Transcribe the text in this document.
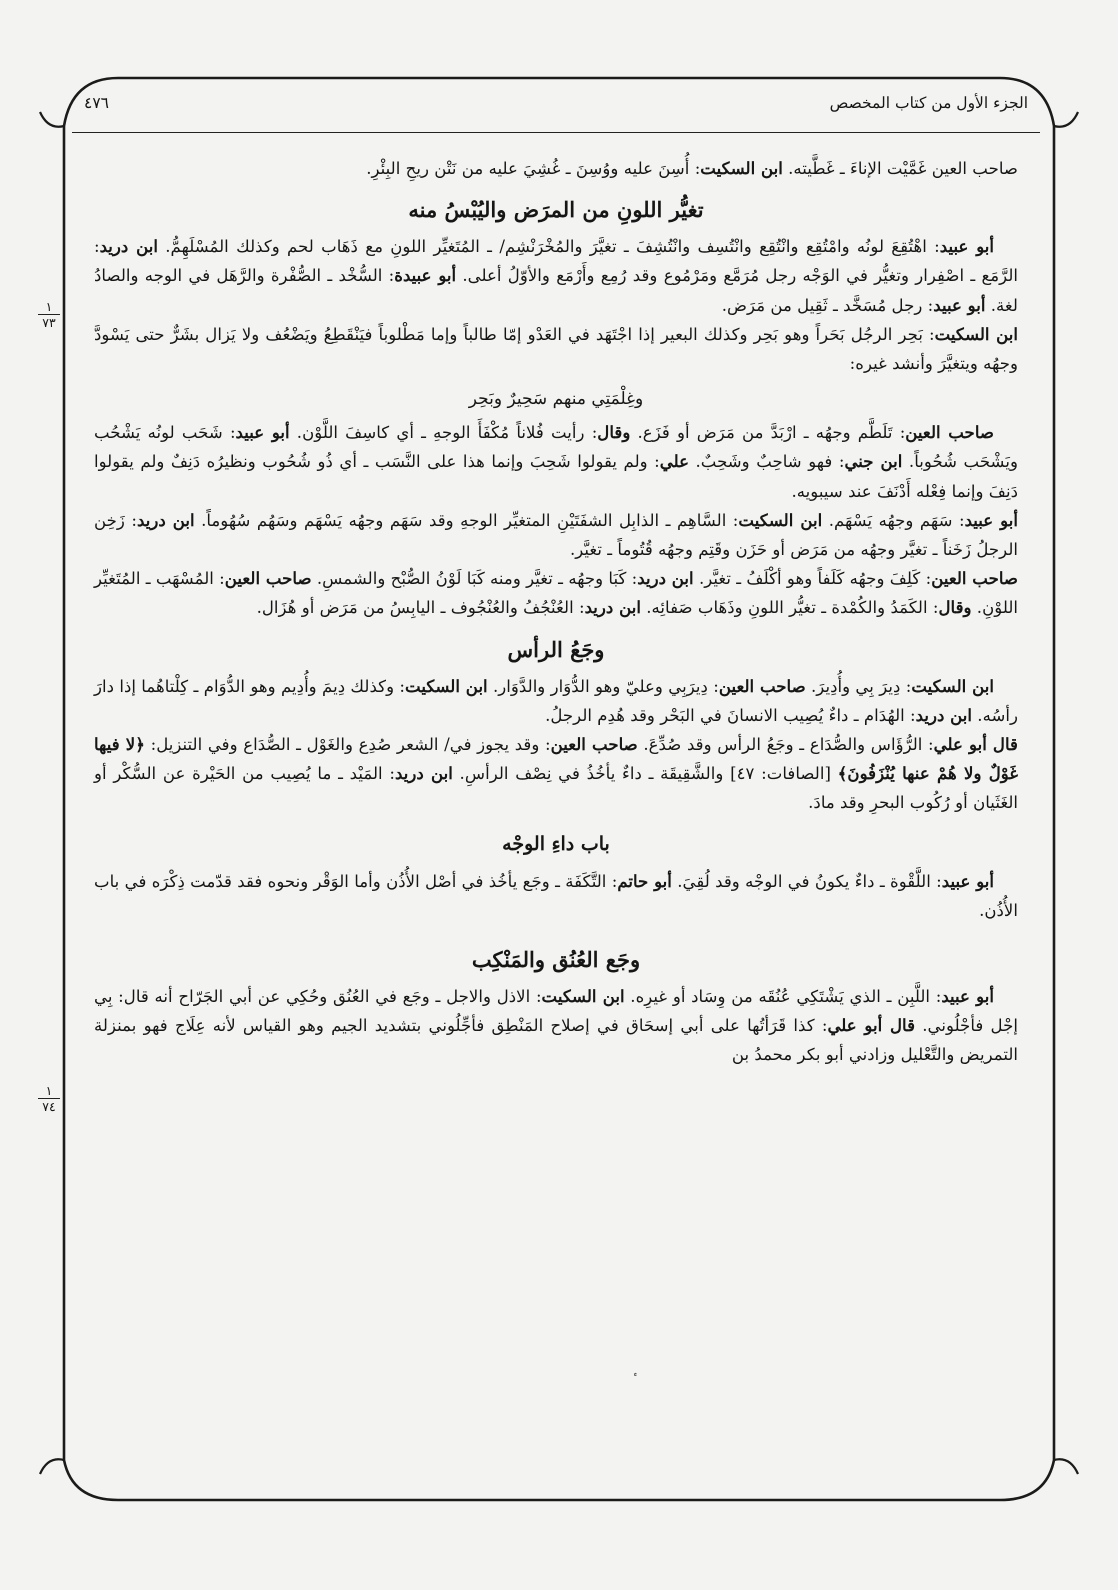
الجزء الأول من كتاب المخصص
٤٧٦
١
٧٣
١
٧٤

صاحب العين غَمَّيْت الإناءَ ـ غَطَّيته. ابن السكيت: أُسِنَ عليه ووُسِنَ ـ غُشِيَ عليه من نَتْن ريحِ البِئْرِ.

تغيُّر اللونِ من المرَض واليُبْسُ منه

أبو عبيد: اهْتُقِعَ لونُه وامْتُقِع وانْتُقِع وانْتُسِف وانْتُشِفَ ـ تغيَّرَ والمُخْرَنْشِم/ ـ المُتَغيِّر اللونِ مع ذَهَاب لحم وكذلك المُسْلَهِمُّ. ابن دريد: الرَّمَع ـ اصْفِرار وتغيُّر في الوَجْه رجل مُرَمَّع ومَرْمُوع وقد رُمِع وأَرْمَع والأوّلُ أعلى. أبو عبيدة: السُّخْد ـ الصُّفْرة والرَّهَل في الوجه والصادُ لغة. أبو عبيد: رجل مُسَخَّد ـ ثَقِيل من مَرَض.

ابن السكيت: بَحِر الرجُل بَحَراً وهو بَحِر وكذلك البعير إذا اجْتَهَد في العَدْو إمّا طالباً وإما مَطْلوباً فيَنْقَطِعُ ويَضْعُف ولا يَزال بشَرٌّ حتى يَسْودَّ وجهُه ويتغيَّرَ وأنشد غيره:

وغِلْمَتِي منهم سَحِيرٌ وبَحِر

صاحب العين: تَلَطَّم وجهُه ـ ارْبَدَّ من مَرَض أو فَزَع. وقال: رأيت فُلاناً مُكْفَأَ الوجهِ ـ أي كاسِفَ اللَّوْن. أبو عبيد: شَحَب لونُه يَشْحُب ويَشْحَب شُحُوباً. ابن جني: فهو شاحِبٌ وشَحِبٌ. علي: ولم يقولوا شَحِبَ وإنما هذا على النَّسَب ـ أي ذُو شُحُوب ونظيرُه دَنِفٌ ولم يقولوا دَنِفَ وإنما فِعْله أَدْنَفَ عند سيبويه.

أبو عبيد: سَهَم وجهُه يَسْهَم. ابن السكيت: السَّاهِم ـ الذابِل الشفَتَيْنِ المتغيِّر الوجهِ وقد سَهَم وجهُه يَسْهَم وسَهُم سُهُوماً. ابن دريد: زَخِن الرجلُ زَخَناً ـ تغيَّر وجهُه من مَرَض أو حَزَن وقَتِم وجهُه قُتُوماً ـ تغيَّر.

صاحب العين: كَلِفَ وجهُه كَلَفاً وهو أكْلَفُ ـ تغيَّر. ابن دريد: كَبَا وجهُه ـ تغيَّر ومنه كَبَا لَوْنُ الصُّبْح والشمسِ. صاحب العين: المُسْهَب ـ المُتَغيِّر اللوْنِ. وقال: الكَمَدُ والكُمْدة ـ تغيُّر اللونِ وذَهَاب صَفائِه. ابن دريد: العُنْجُفُ والعُنْجُوف ـ اليابِسُ من مَرَض أو هُزَال.

وجَعُ الرأس

ابن السكيت: دِيرَ بِي وأُدِيرَ. صاحب العين: دِيرَبِي وعليّ وهو الدُّوَار والدَّوَار. ابن السكيت: وكذلك دِيمَ وأُدِيم وهو الدُّوَام ـ كِلْتاهُما إذا دارَ رأسُه. ابن دريد: الهُدَام ـ داءٌ يُصِيب الانسانَ في البَحْر وقد هُدِم الرجلُ.

قال أبو علي: الرُّؤَاس والصُّدَاع ـ وجَعُ الرأس وقد صُدِّعَ. صاحب العين: وقد يجوز في/ الشعر صُدِع والغَوْل ـ الصُّدَاع وفي التنزيل: ﴿لا فيها غَوْلٌ ولا هُمْ عنها يُنْزَفُونَ﴾ [الصافات: ٤٧] والشَّقِيقَة ـ داءٌ يأخُذُ في نِصْف الرأسِ. ابن دريد: المَيْد ـ ما يُصِيب من الحَيْرة عن السُّكْر أو الغَثَيان أو رُكُوب البحرِ وقد مادَ.

باب داءِ الوجْه

أبو عبيد: اللَّقْوة ـ داءٌ يكونُ في الوجْه وقد لُقِيَ. أبو حاتم: التَّكَفَة ـ وجَع يأخُذ في أصْل الأُذُن وأما الوَقْر ونحوه فقد قدّمت ذِكْرَه في باب الأُذُن.

وجَع العُنُق والمَنْكِب

أبو عبيد: اللَّبِن ـ الذي يَشْتَكِي عُنُقَه من وِسَاد أو غيرِه. ابن السكيت: الاذل والاجل ـ وجَع في العُنُق وحُكِي عن أبي الجَرّاح أنه قال: بِي إجْل فأجْلُوني. قال أبو علي: كذا قَرَأتُها على أبي إسحَاق في إصلاح المَنْطِق فأجِّلُوني بتشديد الجيم وهو القياس لأنه عِلَاج فهو بمنزلة التمريض والتَّعْليل وزادني أبو بكر محمدُ بن
